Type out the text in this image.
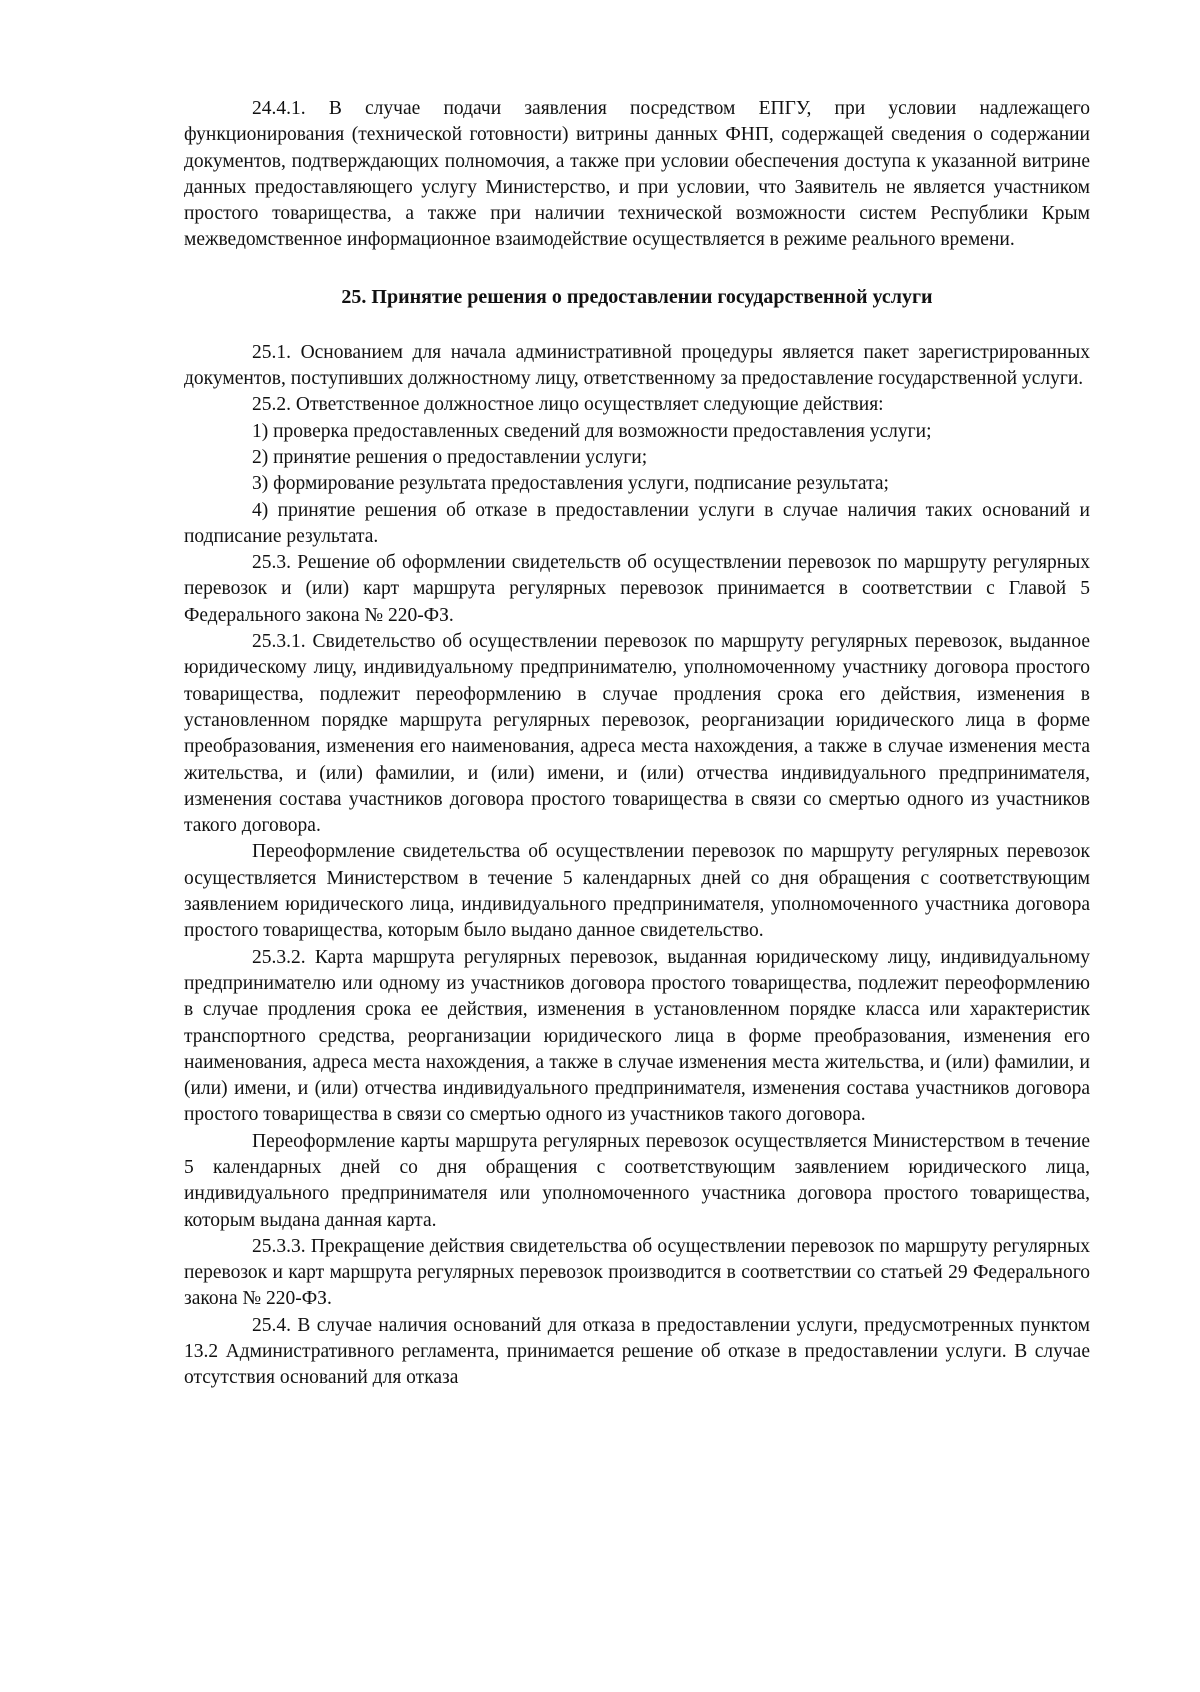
24.4.1. В случае подачи заявления посредством ЕПГУ, при условии надлежащего функционирования (технической готовности) витрины данных ФНП, содержащей сведения о содержании документов, подтверждающих полномочия, а также при условии обеспечения доступа к указанной витрине данных предоставляющего услугу Министерство, и при условии, что Заявитель не является участником простого товарищества, а также при наличии технической возможности систем Республики Крым межведомственное информационное взаимодействие осуществляется в режиме реального времени.

25. Принятие решения о предоставлении государственной услуги

25.1. Основанием для начала административной процедуры является пакет зарегистрированных документов, поступивших должностному лицу, ответственному за предоставление государственной услуги.

25.2. Ответственное должностное лицо осуществляет следующие действия:

1) проверка предоставленных сведений для возможности предоставления услуги;

2) принятие решения о предоставлении услуги;

3) формирование результата предоставления услуги, подписание результата;

4) принятие решения об отказе в предоставлении услуги в случае наличия таких оснований и подписание результата.

25.3. Решение об оформлении свидетельств об осуществлении перевозок по маршруту регулярных перевозок и (или) карт маршрута регулярных перевозок принимается в соответствии с Главой 5 Федерального закона № 220-ФЗ.

25.3.1. Свидетельство об осуществлении перевозок по маршруту регулярных перевозок, выданное юридическому лицу, индивидуальному предпринимателю, уполномоченному участнику договора простого товарищества, подлежит переоформлению в случае продления срока его действия, изменения в установленном порядке маршрута регулярных перевозок, реорганизации юридического лица в форме преобразования, изменения его наименования, адреса места нахождения, а также в случае изменения места жительства, и (или) фамилии, и (или) имени, и (или) отчества индивидуального предпринимателя, изменения состава участников договора простого товарищества в связи со смертью одного из участников такого договора.

Переоформление свидетельства об осуществлении перевозок по маршруту регулярных перевозок осуществляется Министерством в течение 5 календарных дней со дня обращения с соответствующим заявлением юридического лица, индивидуального предпринимателя, уполномоченного участника договора простого товарищества, которым было выдано данное свидетельство.

25.3.2. Карта маршрута регулярных перевозок, выданная юридическому лицу, индивидуальному предпринимателю или одному из участников договора простого товарищества, подлежит переоформлению в случае продления срока ее действия, изменения в установленном порядке класса или характеристик транспортного средства, реорганизации юридического лица в форме преобразования, изменения его наименования, адреса места нахождения, а также в случае изменения места жительства, и (или) фамилии, и (или) имени, и (или) отчества индивидуального предпринимателя, изменения состава участников договора простого товарищества в связи со смертью одного из участников такого договора.

Переоформление карты маршрута регулярных перевозок осуществляется Министерством в течение 5 календарных дней со дня обращения с соответствующим заявлением юридического лица, индивидуального предпринимателя или уполномоченного участника договора простого товарищества, которым выдана данная карта.

25.3.3. Прекращение действия свидетельства об осуществлении перевозок по маршруту регулярных перевозок и карт маршрута регулярных перевозок производится в соответствии со статьей 29 Федерального закона № 220-ФЗ.

25.4. В случае наличия оснований для отказа в предоставлении услуги, предусмотренных пунктом 13.2 Административного регламента, принимается решение об отказе в предоставлении услуги. В случае отсутствия оснований для отказа
